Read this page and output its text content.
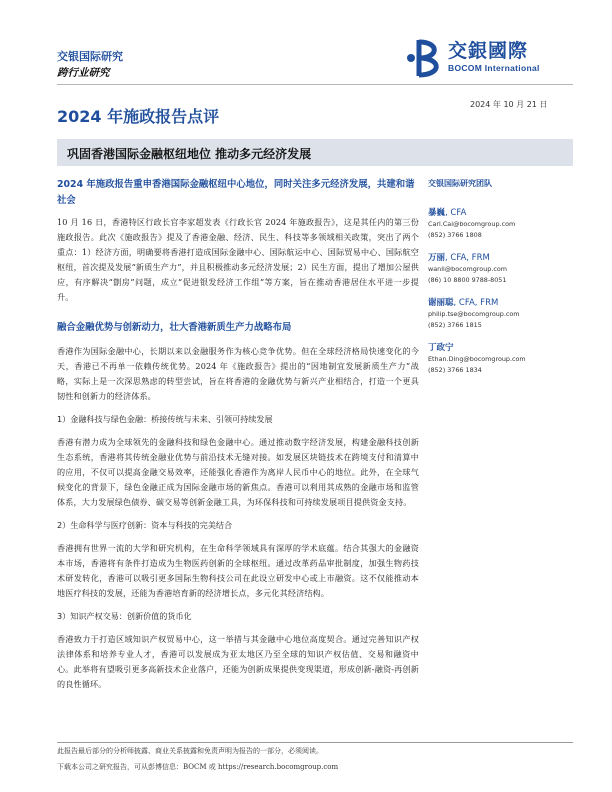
交银国际研究
跨行业研究
交銀國際
BOCOM International
2024 年 10 月 21 日
2024 年施政报告点评
巩固香港国际金融枢纽地位 推动多元经济发展

2024 年施政报告重申香港国际金融枢纽中心地位，同时关注多元经济发展，共建和谐社会

10 月 16 日，香港特区行政长官李家超发表《行政长官 2024 年施政报告》，这是其任内的第三份施政报告。此次《施政报告》提及了香港金融、经济、民生、科技等多领域相关政策，突出了两个重点：1）经济方面，明确要将香港打造成国际金融中心、国际航运中心、国际贸易中心、国际航空枢纽，首次提及发展“新质生产力”，并且积极推动多元经济发展；2）民生方面，提出了增加公屋供应，有序解决“劏房”问题，成立“促进银发经济工作组”等方案，旨在推动香港居住水平进一步提升。

融合金融优势与创新动力，壮大香港新质生产力战略布局

香港作为国际金融中心，长期以来以金融服务作为核心竞争优势。但在全球经济格局快速变化的今天，香港已不再单一依赖传统优势。2024 年《施政报告》提出的“因地制宜发展新质生产力”战略，实际上是一次深思熟虑的转型尝试，旨在将香港的金融优势与新兴产业相结合，打造一个更具韧性和创新力的经济体系。

1）金融科技与绿色金融：桥接传统与未来、引领可持续发展

香港有潜力成为全球领先的金融科技和绿色金融中心。通过推动数字经济发展，构建金融科技创新生态系统，香港将其传统金融业优势与前沿技术无缝对接。如发展区块链技术在跨境支付和清算中的应用，不仅可以提高金融交易效率，还能强化香港作为离岸人民币中心的地位。此外，在全球气候变化的背景下，绿色金融正成为国际金融市场的新焦点。香港可以利用其成熟的金融市场和监管体系，大力发展绿色债券、碳交易等创新金融工具，为环保科技和可持续发展项目提供资金支持。

2）生命科学与医疗创新：资本与科技的完美结合

香港拥有世界一流的大学和研究机构，在生命科学领域具有深厚的学术底蕴。结合其强大的金融资本市场，香港将有条件打造成为生物医药创新的全球枢纽。通过改革药品审批制度，加强生物药技术研发转化，香港可以吸引更多国际生物科技公司在此设立研发中心或上市融资。这不仅能推动本地医疗科技的发展，还能为香港培育新的经济增长点，多元化其经济结构。

3）知识产权交易：创新价值的货币化

香港致力于打造区域知识产权贸易中心，这一举措与其金融中心地位高度契合。通过完善知识产权法律体系和培养专业人才，香港可以发展成为亚太地区乃至全球的知识产权估值、交易和融资中心。此举将有望吸引更多高新技术企业落户，还能为创新成果提供变现渠道，形成创新-融资-再创新的良性循环。

交银国际研究团队
暴巍, CFA
Carl.Cai@bocomgroup.com
(852) 3766 1808
万丽, CFA, FRM
wanli@bocomgroup.com
(86) 10 8800 9788-8051
谢丽聪, CFA, FRM
philip.tse@bocomgroup.com
(852) 3766 1815
丁政宁
Ethan.Ding@bocomgroup.com
(852) 3766 1834
此报告最后部分的分析师披露、商业关系披露和免责声明为报告的一部分，必须阅读。
下载本公司之研究报告，可从彭博信息：BOCM 或 https://research.bocomgroup.com
